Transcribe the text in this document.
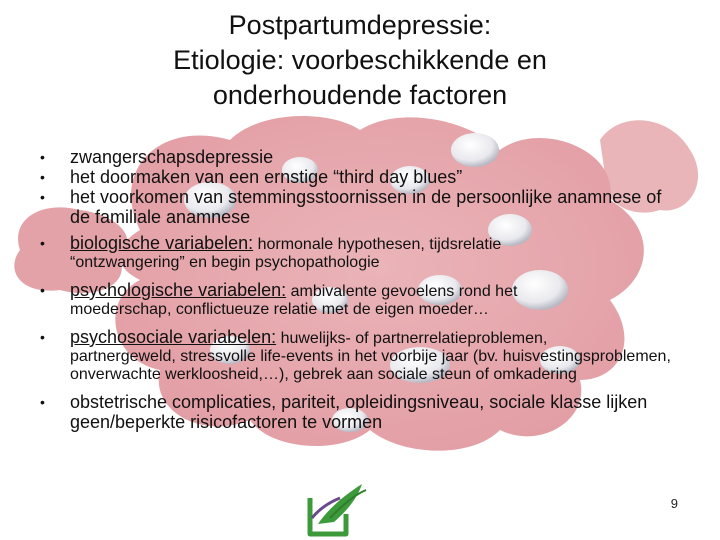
Postpartumdepressie:
Etiologie: voorbeschikkende en
onderhoudende factoren
• zwangerschapsdepressie
• het doormaken van een ernstige “third day blues”
• het voorkomen van stemmingsstoornissen in de persoonlijke anamnese of de familiale anamnese
• biologische variabelen: hormonale hypothesen, tijdsrelatie
“ontzwangering” en begin psychopathologie
• psychologische variabelen: ambivalente gevoelens rond het
moederschap, conflictueuze relatie met de eigen moeder…
• psychosociale variabelen: huwelijks- of partnerrelatieproblemen,
partnergeweld, stressvolle life-events in het voorbije jaar (bv. huisvestingsproblemen, onverwachte werkloosheid,…), gebrek aan sociale steun of omkadering
• obstetrische complicaties, pariteit, opleidingsniveau, sociale klasse lijken geen/beperkte risicofactoren te vormen
9
